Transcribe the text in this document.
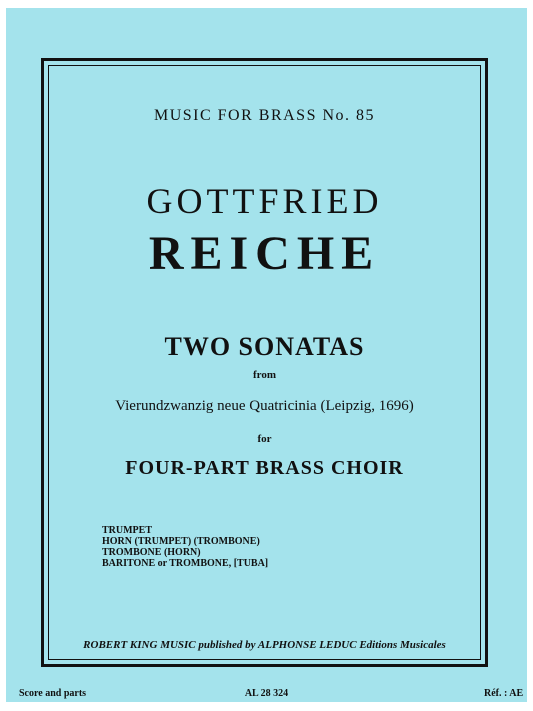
MUSIC FOR BRASS No. 85
GOTTFRIED
REICHE
TWO SONATAS
from
Vierundzwanzig neue Quatricinia (Leipzig, 1696)
for
FOUR-PART BRASS CHOIR
TRUMPET
HORN (TRUMPET) (TROMBONE)
TROMBONE (HORN)
BARITONE or TROMBONE, [TUBA]
ROBERT KING MUSIC published by ALPHONSE LEDUC Editions Musicales
Score and parts	AL 28 324	Réf. : AE
